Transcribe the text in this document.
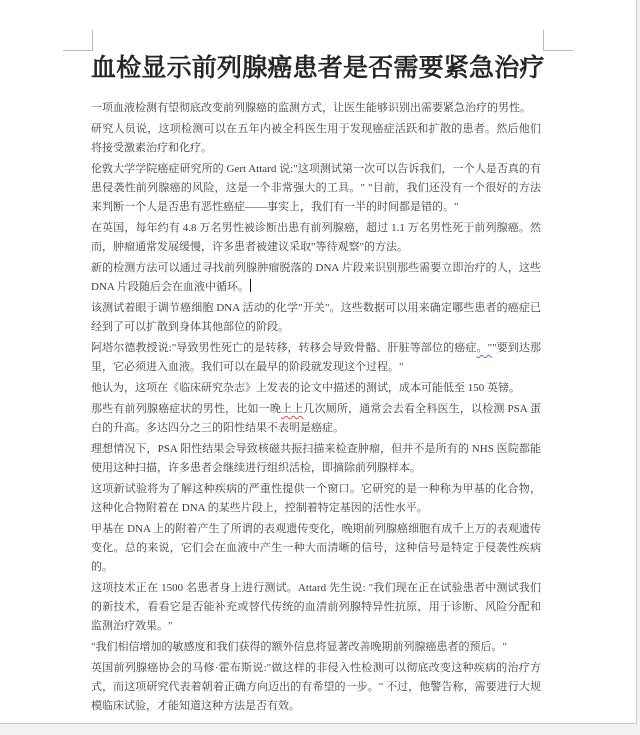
血检显示前列腺癌患者是否需要紧急治疗

一项血液检测有望彻底改变前列腺癌的监测方式，让医生能够识别出需要紧急治疗的男性。

研究人员说，这项检测可以在五年内被全科医生用于发现癌症活跃和扩散的患者。然后他们将接受激素治疗和化疗。

伦敦大学学院癌症研究所的 Gert Attard 说:"这项测试第一次可以告诉我们，一个人是否真的有患侵袭性前列腺癌的风险，这是一个非常强大的工具。" "目前，我们还没有一个很好的方法来判断一个人是否患有恶性癌症——事实上，我们有一半的时间都是错的。"

在英国，每年约有 4.8 万名男性被诊断出患有前列腺癌，超过 1.1 万名男性死于前列腺癌。然而，肿瘤通常发展缓慢，许多患者被建议采取"等待观察"的方法。

新的检测方法可以通过寻找前列腺肿瘤脱落的 DNA 片段来识别那些需要立即治疗的人，这些 DNA 片段随后会在血液中循环。

该测试着眼于调节癌细胞 DNA 活动的化学"开关"。这些数据可以用来确定哪些患者的癌症已经到了可以扩散到身体其他部位的阶段。

阿塔尔德教授说:"导致男性死亡的是转移，转移会导致骨骼、肝脏等部位的癌症。""要到达那里，它必须进入血液。我们可以在最早的阶段就发现这个过程。"

他认为，这项在《临床研究杂志》上发表的论文中描述的测试，成本可能低至 150 英镑。

那些有前列腺癌症状的男性，比如一晚上上几次厕所，通常会去看全科医生，以检测 PSA 蛋白的升高。多达四分之三的阳性结果不表明是癌症。

理想情况下，PSA 阳性结果会导致核磁共振扫描来检查肿瘤，但并不是所有的 NHS 医院都能使用这种扫描，许多患者会继续进行组织活检，即摘除前列腺样本。

这项新试验将为了解这种疾病的严重性提供一个窗口。它研究的是一种称为甲基的化合物，这种化合物附着在 DNA 的某些片段上，控制着特定基因的活性水平。

甲基在 DNA 上的附着产生了所谓的表观遗传变化，晚期前列腺癌细胞有成千上万的表观遗传变化。总的来说，它们会在血液中产生一种大而清晰的信号，这种信号是特定于侵袭性疾病的。

这项技术正在 1500 名患者身上进行测试。Attard 先生说: "我们现在正在试验患者中测试我们的新技术，看看它是否能补充或替代传统的血清前列腺特异性抗原，用于诊断、风险分配和监测治疗效果。"

"我们相信增加的敏感度和我们获得的额外信息将显著改善晚期前列腺癌患者的预后。"

英国前列腺癌协会的马修·霍布斯说:"做这样的非侵入性检测可以彻底改变这种疾病的治疗方式，而这项研究代表着朝着正确方向迈出的有希望的一步。" 不过，他警告称，需要进行大规模临床试验，才能知道这种方法是否有效。
